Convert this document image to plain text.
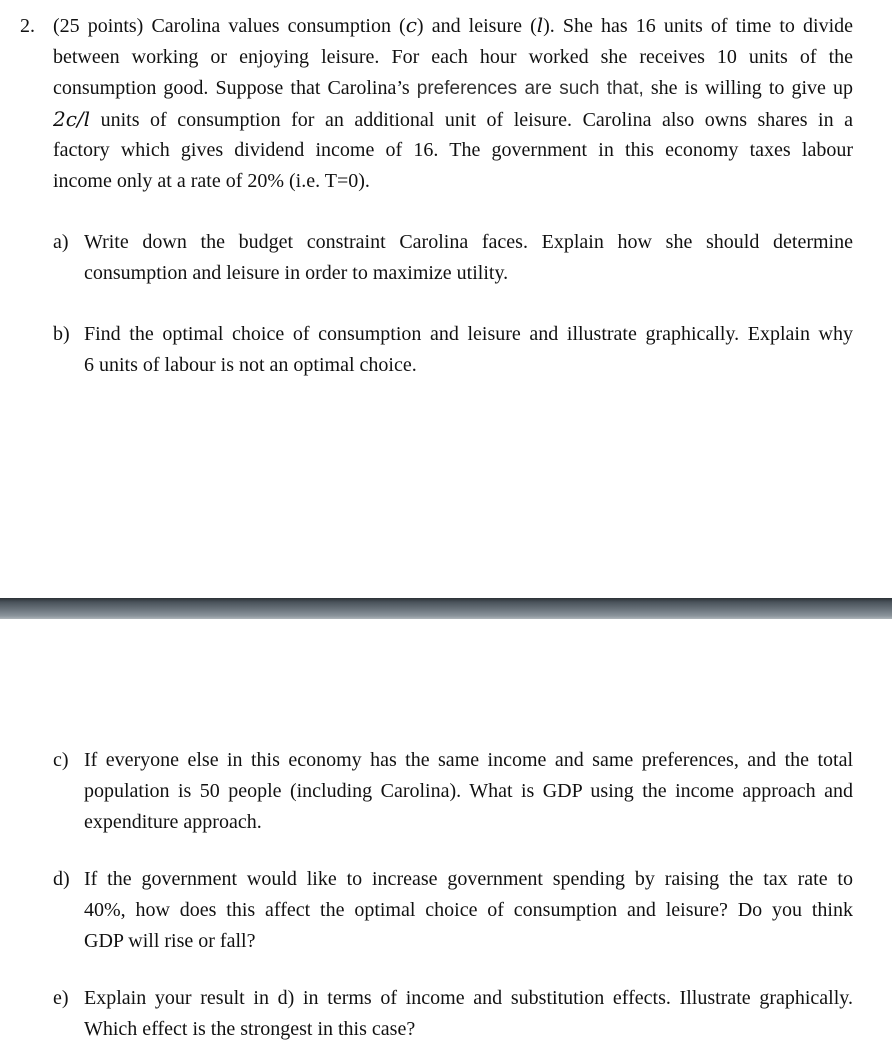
2. (25 points) Carolina values consumption (𝑐) and leisure (𝑙). She has 16 units of time to divide
between working or enjoying leisure. For each hour worked she receives 10 units of the
consumption good. Suppose that Carolina’s preferences are such that, she is willing to give up
2𝑐/𝑙 units of consumption for an additional unit of leisure. Carolina also owns shares in a
factory which gives dividend income of 16. The government in this economy taxes labour
income only at a rate of 20% (i.e. T=0).
a) Write down the budget constraint Carolina faces. Explain how she should determine
consumption and leisure in order to maximize utility.
b) Find the optimal choice of consumption and leisure and illustrate graphically. Explain why
6 units of labour is not an optimal choice.
c) If everyone else in this economy has the same income and same preferences, and the total
population is 50 people (including Carolina). What is GDP using the income approach and
expenditure approach.
d) If the government would like to increase government spending by raising the tax rate to
40%, how does this affect the optimal choice of consumption and leisure? Do you think
GDP will rise or fall?
e) Explain your result in d) in terms of income and substitution effects. Illustrate graphically.
Which effect is the strongest in this case?
